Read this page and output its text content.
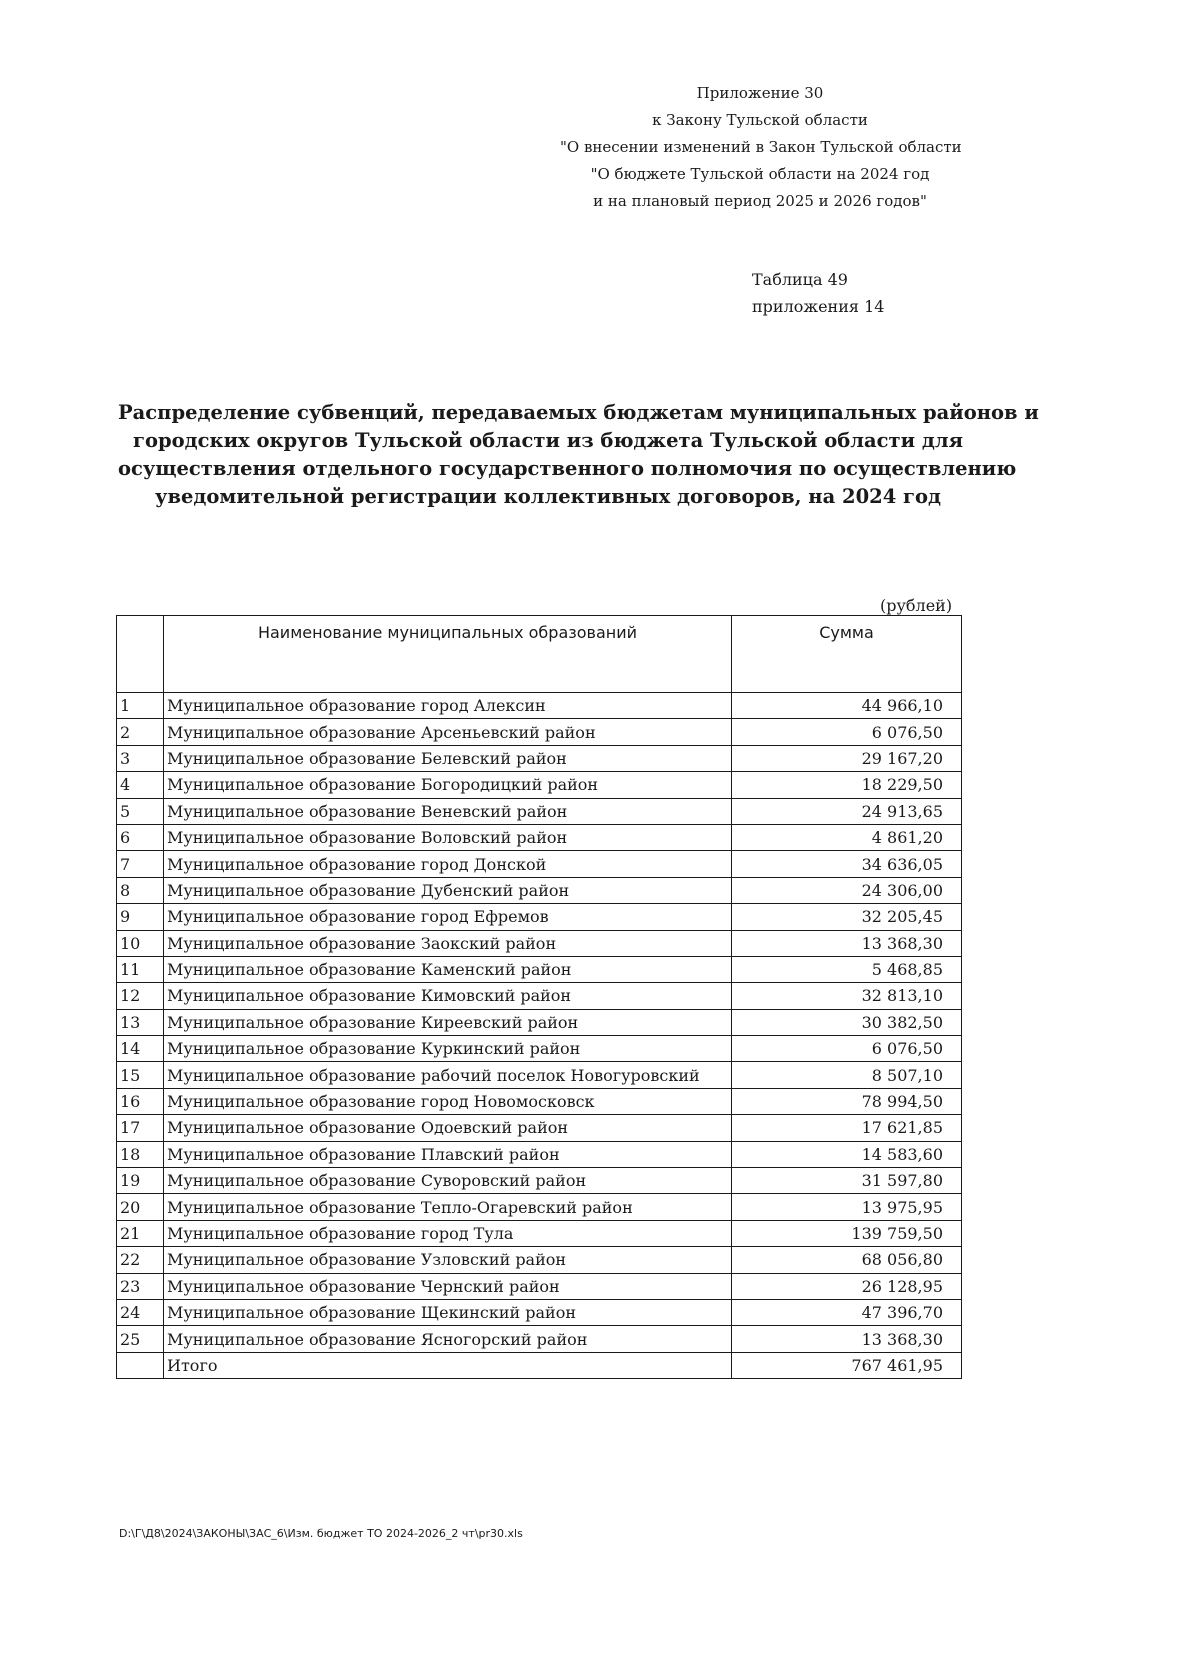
Приложение 30
к Закону Тульской области
"О внесении изменений в Закон Тульской области
"О бюджете Тульской области на 2024 год
и на плановый период 2025 и 2026 годов"
Таблица 49
приложения 14
Распределение субвенций, передаваемых бюджетам муниципальных районов и
городских округов Тульской области из бюджета Тульской области для
осуществления отдельного государственного полномочия по осуществлению
уведомительной регистрации коллективных договоров, на 2024 год
(рублей)
	Наименование муниципальных образований	Сумма
1	Муниципальное образование город Алексин	44 966,10
2	Муниципальное образование Арсеньевский район	6 076,50
3	Муниципальное образование Белевский район	29 167,20
4	Муниципальное образование Богородицкий район	18 229,50
5	Муниципальное образование Веневский район	24 913,65
6	Муниципальное образование Воловский район	4 861,20
7	Муниципальное образование город Донской	34 636,05
8	Муниципальное образование Дубенский район	24 306,00
9	Муниципальное образование город Ефремов	32 205,45
10	Муниципальное образование Заокский район	13 368,30
11	Муниципальное образование Каменский район	5 468,85
12	Муниципальное образование Кимовский район	32 813,10
13	Муниципальное образование Киреевский район	30 382,50
14	Муниципальное образование Куркинский район	6 076,50
15	Муниципальное образование рабочий поселок Новогуровский	8 507,10
16	Муниципальное образование город Новомосковск	78 994,50
17	Муниципальное образование Одоевский район	17 621,85
18	Муниципальное образование Плавский район	14 583,60
19	Муниципальное образование Суворовский район	31 597,80
20	Муниципальное образование Тепло-Огаревский район	13 975,95
21	Муниципальное образование город Тула	139 759,50
22	Муниципальное образование Узловский район	68 056,80
23	Муниципальное образование Чернский район	26 128,95
24	Муниципальное образование Щекинский район	47 396,70
25	Муниципальное образование Ясногорский район	13 368,30
	Итого	767 461,95
D:\Г\Д8\2024\ЗАКОНЫ\ЗАС_6\Изм. бюджет ТО 2024-2026_2 чт\pr30.xls
